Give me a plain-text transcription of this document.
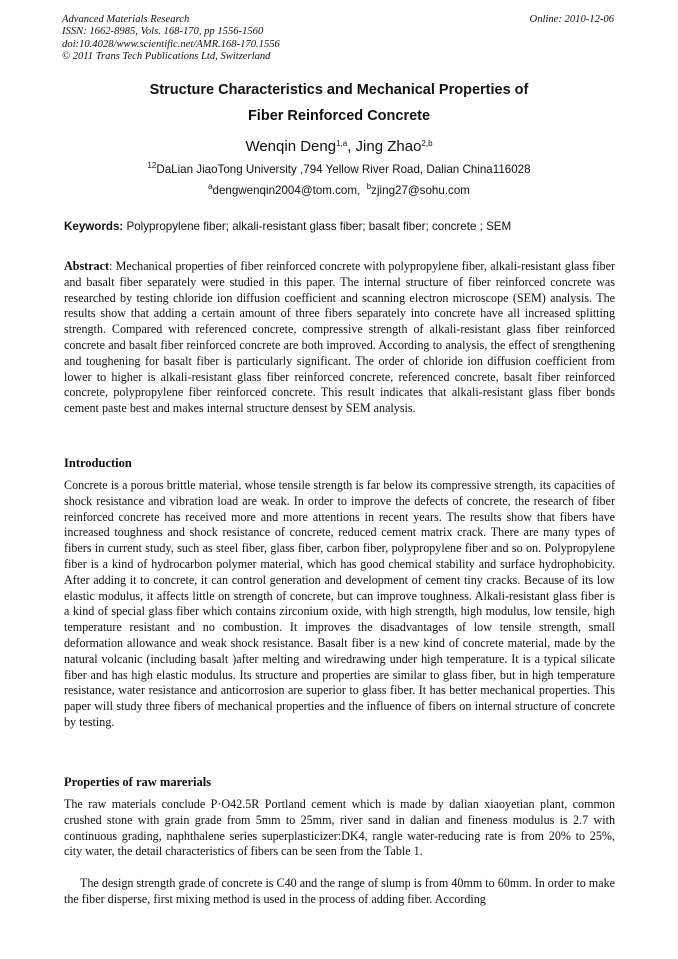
Advanced Materials Research
ISSN: 1662-8985, Vols. 168-170, pp 1556-1560
doi:10.4028/www.scientific.net/AMR.168-170.1556
© 2011 Trans Tech Publications Ltd, Switzerland
Online: 2010-12-06
Structure Characteristics and Mechanical Properties of
Fiber Reinforced Concrete
Wenqin Deng$^{1,a}$, Jing Zhao$^{2,b}$
$^{12}$DaLian JiaoTong University ,794 Yellow River Road, Dalian China116028
$^a$dengwenqin2004@tom.com, $^b$zjing27@sohu.com
Keywords: Polypropylene fiber; alkali-resistant glass fiber; basalt fiber; concrete ; SEM

Abstract: Mechanical properties of fiber reinforced concrete with polypropylene fiber, alkali-resistant glass fiber and basalt fiber separately were studied in this paper. The internal structure of fiber reinforced concrete was researched by testing chloride ion diffusion coefficient and scanning electron microscope (SEM) analysis. The results show that adding a certain amount of three fibers separately into concrete have all increased splitting strength. Compared with referenced concrete, compressive strength of alkali-resistant glass fiber reinforced concrete and basalt fiber reinforced concrete are both improved. According to analysis, the effect of srengthening and toughening for basalt fiber is particularly significant. The order of chloride ion diffusion coefficient from lower to higher is alkali-resistant glass fiber reinforced concrete, referenced concrete, basalt fiber reinforced concrete, polypropylene fiber reinforced concrete. This result indicates that alkali-resistant glass fiber bonds cement paste best and makes internal structure densest by SEM analysis.

Introduction

Concrete is a porous brittle material, whose tensile strength is far below its compressive strength, its capacities of shock resistance and vibration load are weak. In order to improve the defects of concrete, the research of fiber reinforced concrete has received more and more attentions in recent years. The results show that fibers have increased toughness and shock resistance of concrete, reduced cement matrix crack. There are many types of fibers in current study, such as steel fiber, glass fiber, carbon fiber, polypropylene fiber and so on. Polypropylene fiber is a kind of hydrocarbon polymer material, which has good chemical stability and surface hydrophobicity. After adding it to concrete, it can control generation and development of cement tiny cracks. Because of its low elastic modulus, it affects little on strength of concrete, but can improve toughness. Alkali-resistant glass fiber is a kind of special glass fiber which contains zirconium oxide, with high strength, high modulus, low tensile, high temperature resistant and no combustion. It improves the disadvantages of low tensile strength, small deformation allowance and weak shock resistance. Basalt fiber is a new kind of concrete material, made by the natural volcanic (including basalt )after melting and wiredrawing under high temperature. It is a typical silicate fiber and has high elastic modulus. Its structure and properties are similar to glass fiber, but in high temperature resistance, water resistance and anticorrosion are superior to glass fiber. It has better mechanical properties. This paper will study three fibers of mechanical properties and the influence of fibers on internal structure of concrete by testing.

Properties of raw marerials

The raw materials conclude P·O42.5R Portland cement which is made by dalian xiaoyetian plant, common crushed stone with grain grade from 5mm to 25mm, river sand in dalian and fineness modulus is 2.7 with continuous grading, naphthalene series superplasticizer:DK4, rangle water-reducing rate is from 20% to 25%, city water, the detail characteristics of fibers can be seen from the Table 1.

The design strength grade of concrete is C40 and the range of slump is from 40mm to 60mm. In order to make the fiber disperse, first mixing method is used in the process of adding fiber. According
